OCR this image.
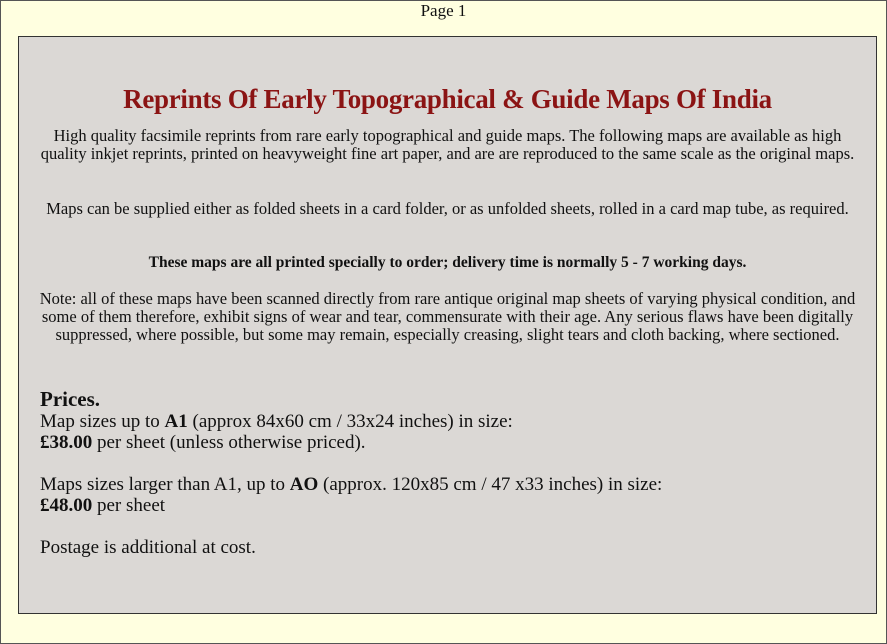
Page 1
Reprints Of Early Topographical & Guide Maps Of India
High quality facsimile reprints from rare early topographical and guide maps. The following maps are available as high quality inkjet reprints, printed on heavyweight fine art paper, and are are reproduced to the same scale as the original maps.
Maps can be supplied either as folded sheets in a card folder, or as unfolded sheets, rolled in a card map tube, as required.
These maps are all printed specially to order; delivery time is normally 5 - 7 working days.
Note: all of these maps have been scanned directly from rare antique original map sheets of varying physical condition, and some of them therefore, exhibit signs of wear and tear, commensurate with their age. Any serious flaws have been digitally suppressed, where possible, but some may remain, especially creasing, slight tears and cloth backing, where sectioned.
Prices.
Map sizes up to A1 (approx 84x60 cm / 33x24 inches) in size:
£38.00 per sheet (unless otherwise priced).
Maps sizes larger than A1, up to AO (approx. 120x85 cm / 47 x33 inches) in size:
£48.00 per sheet
Postage is additional at cost.
